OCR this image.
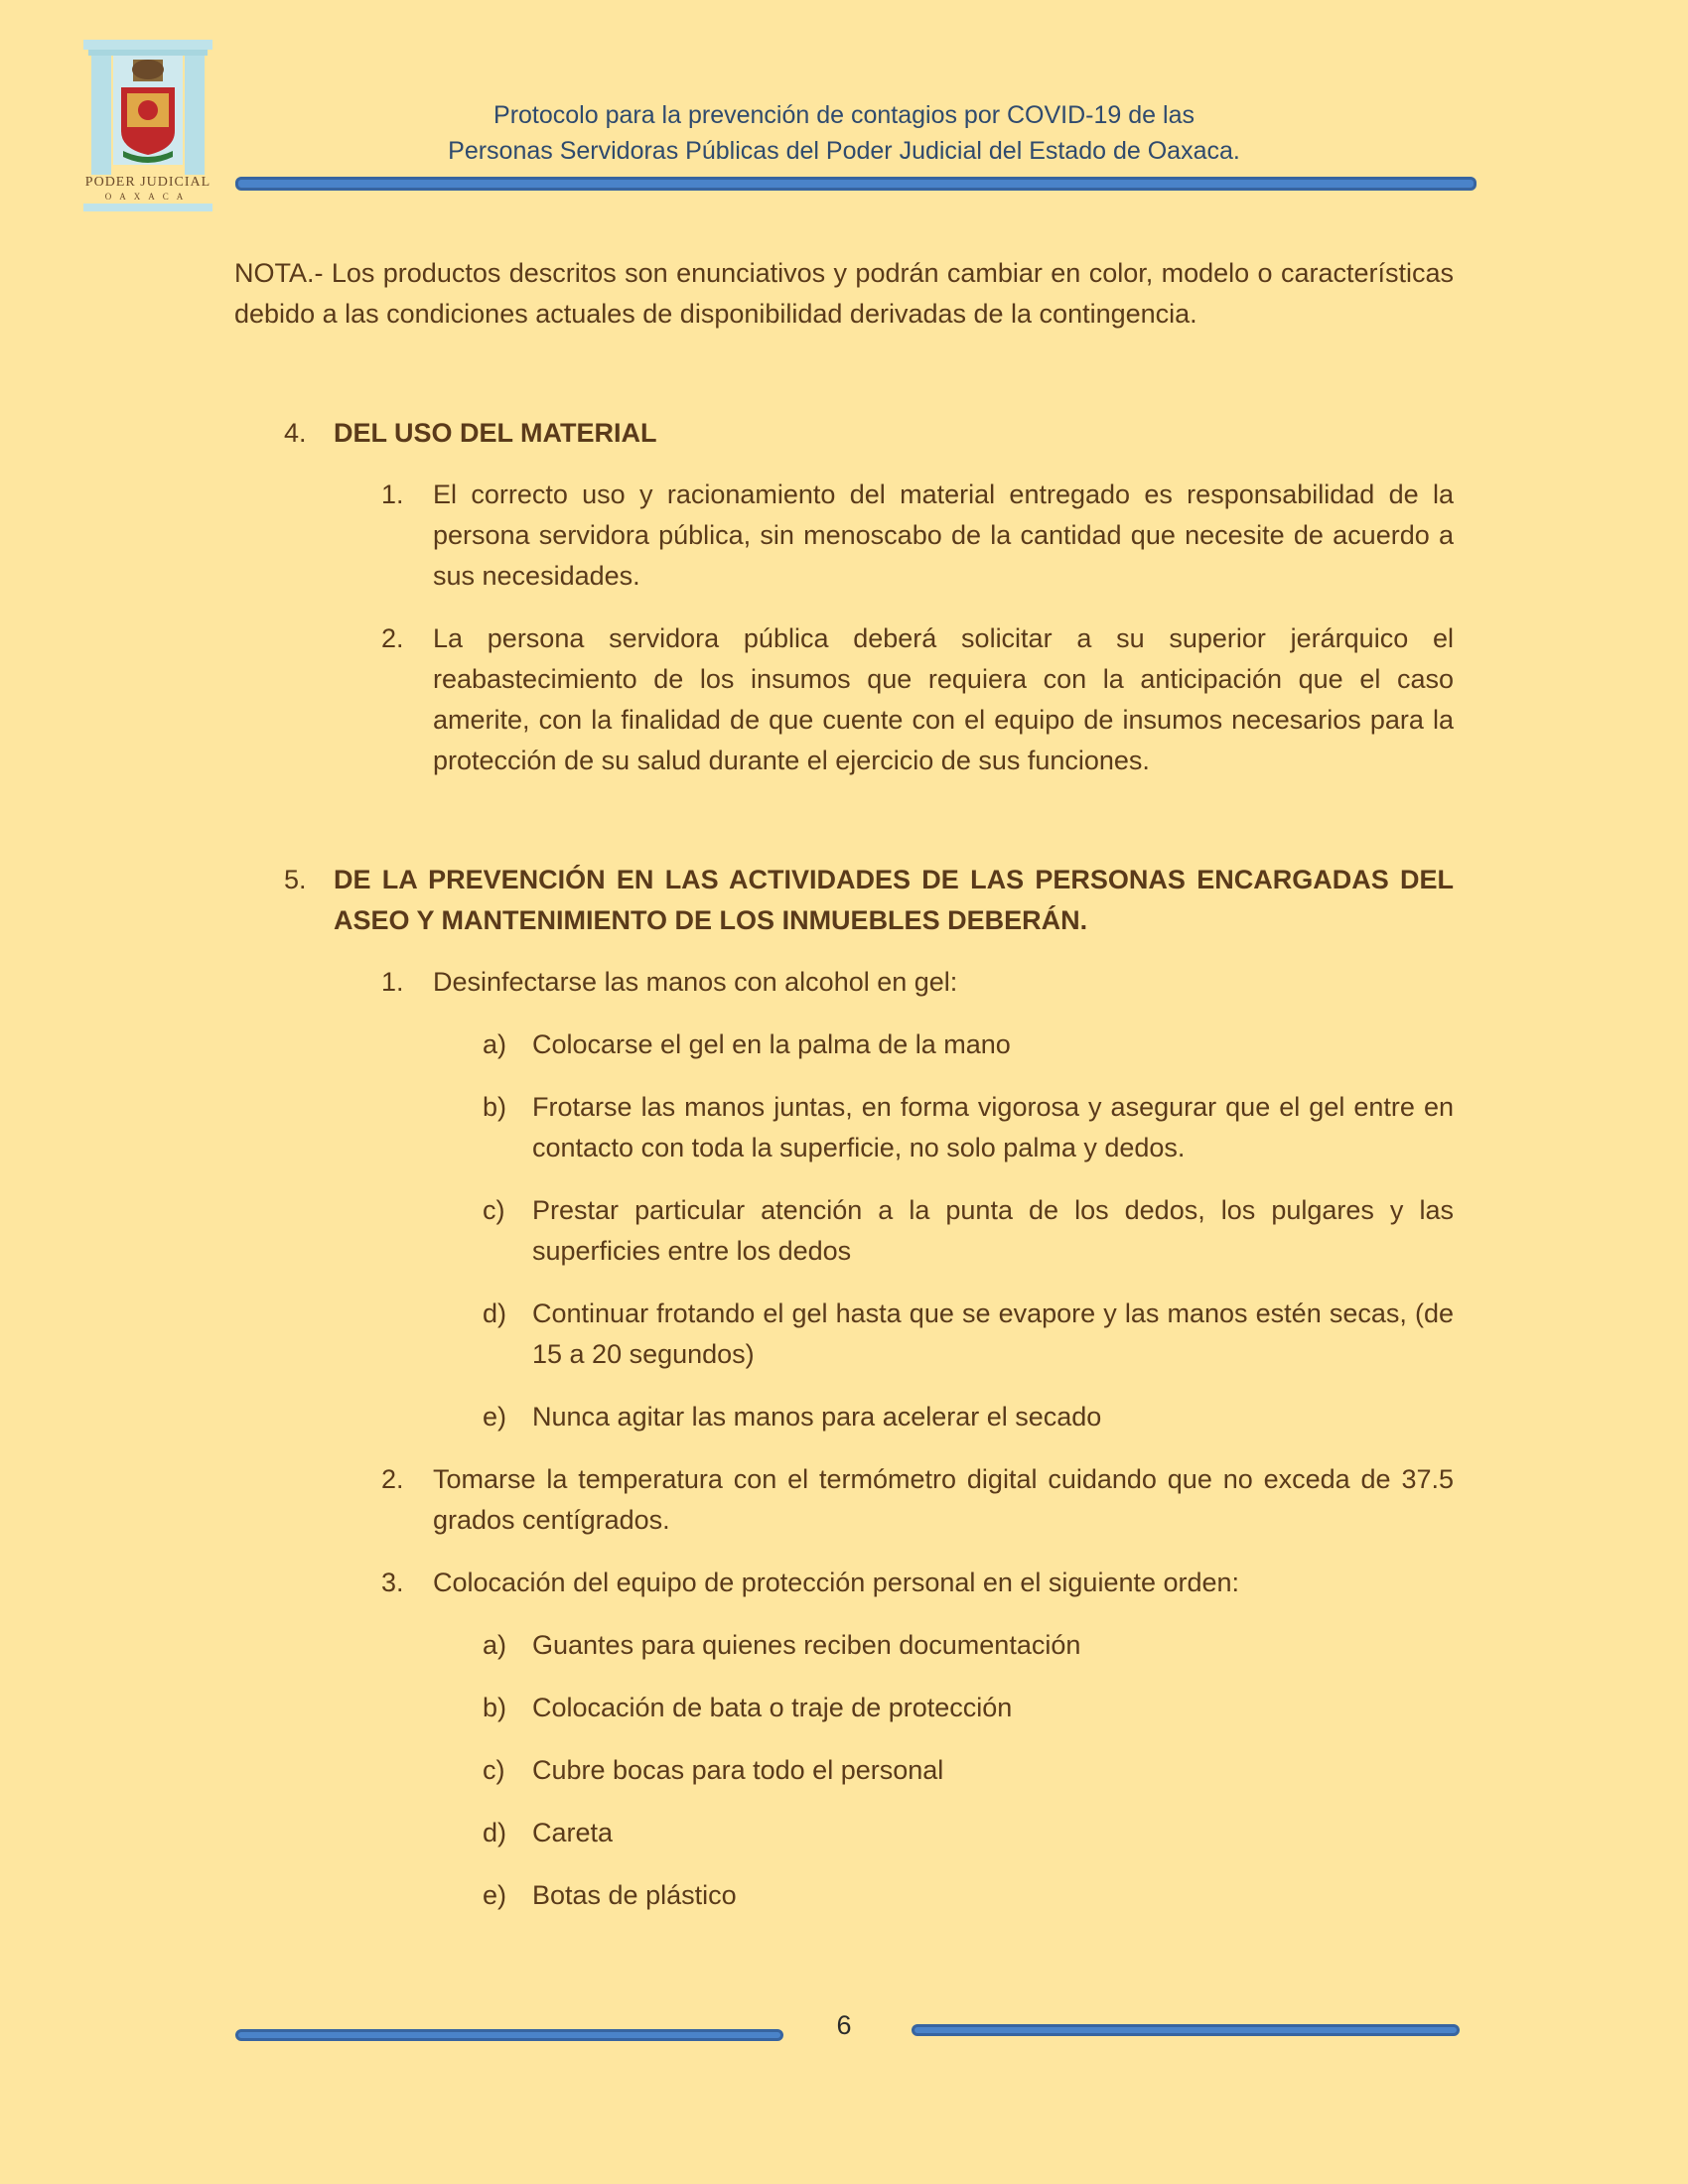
PODER JUDICIAL
OAXACA
Protocolo para la prevención de contagios por COVID-19 de las
Personas Servidoras Públicas del Poder Judicial del Estado de Oaxaca.

NOTA.- Los productos descritos son enunciativos y podrán cambiar en color, modelo o características debido a las condiciones actuales de disponibilidad derivadas de la contingencia.

4. DEL USO DEL MATERIAL

1. El correcto uso y racionamiento del material entregado es responsabilidad de la persona servidora pública, sin menoscabo de la cantidad que necesite de acuerdo a sus necesidades.

2. La persona servidora pública deberá solicitar a su superior jerárquico el reabastecimiento de los insumos que requiera con la anticipación que el caso amerite, con la finalidad de que cuente con el equipo de insumos necesarios para la protección de su salud durante el ejercicio de sus funciones.

5. DE LA PREVENCIÓN EN LAS ACTIVIDADES DE LAS PERSONAS ENCARGADAS DEL ASEO Y MANTENIMIENTO DE LOS INMUEBLES DEBERÁN.

1. Desinfectarse las manos con alcohol en gel:

a) Colocarse el gel en la palma de la mano

b) Frotarse las manos juntas, en forma vigorosa y asegurar que el gel entre en contacto con toda la superficie, no solo palma y dedos.

c) Prestar particular atención a la punta de los dedos, los pulgares y las superficies entre los dedos

d) Continuar frotando el gel hasta que se evapore y las manos estén secas, (de 15 a 20 segundos)

e) Nunca agitar las manos para acelerar el secado

2. Tomarse la temperatura con el termómetro digital cuidando que no exceda de 37.5 grados centígrados.

3. Colocación del equipo de protección personal en el siguiente orden:

a) Guantes para quienes reciben documentación

b) Colocación de bata o traje de protección

c) Cubre bocas para todo el personal

d) Careta

e) Botas de plástico

6
